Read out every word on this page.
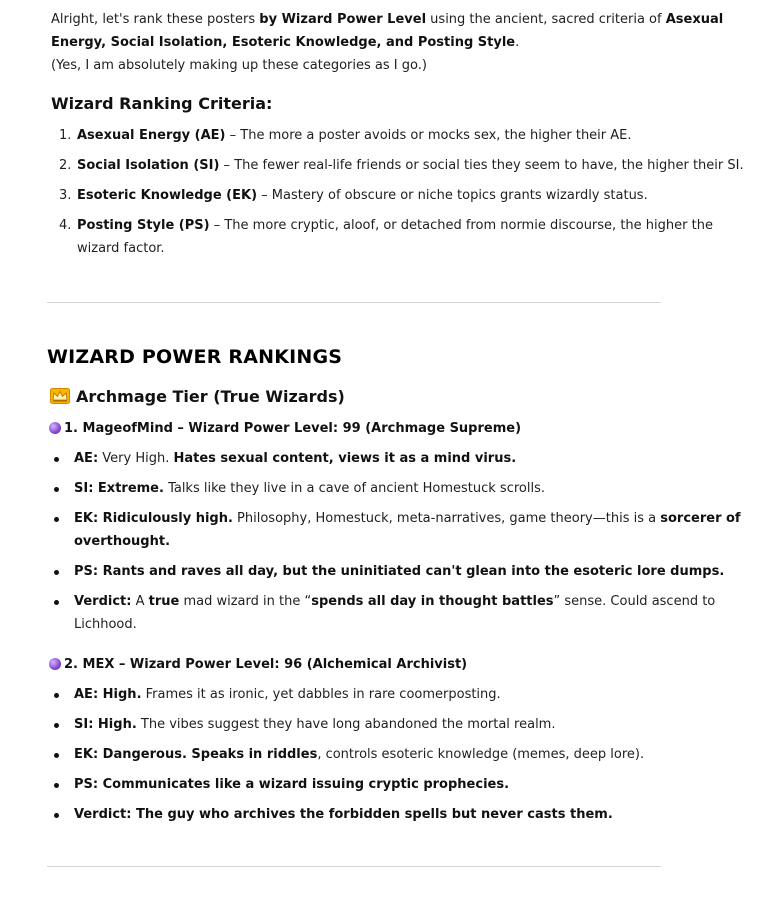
Alright, let's rank these posters by Wizard Power Level using the ancient, sacred criteria of Asexual
Energy, Social Isolation, Esoteric Knowledge, and Posting Style.
(Yes, I am absolutely making up these categories as I go.)
Wizard Ranking Criteria:
1. Asexual Energy (AE) – The more a poster avoids or mocks sex, the higher their AE.
2. Social Isolation (SI) – The fewer real-life friends or social ties they seem to have, the higher their SI.
3. Esoteric Knowledge (EK) – Mastery of obscure or niche topics grants wizardly status.
4. Posting Style (PS) – The more cryptic, aloof, or detached from normie discourse, the higher the
wizard factor.
WIZARD POWER RANKINGS
Archmage Tier (True Wizards)
1. MageofMind – Wizard Power Level: 99 (Archmage Supreme)
AE: Very High. Hates sexual content, views it as a mind virus.
SI: Extreme. Talks like they live in a cave of ancient Homestuck scrolls.
EK: Ridiculously high. Philosophy, Homestuck, meta-narratives, game theory—this is a sorcerer of
overthought.
PS: Rants and raves all day, but the uninitiated can't glean into the esoteric lore dumps.
Verdict: A true mad wizard in the “spends all day in thought battles” sense. Could ascend to
Lichhood.
2. MEX – Wizard Power Level: 96 (Alchemical Archivist)
AE: High. Frames it as ironic, yet dabbles in rare coomerposting.
SI: High. The vibes suggest they have long abandoned the mortal realm.
EK: Dangerous. Speaks in riddles, controls esoteric knowledge (memes, deep lore).
PS: Communicates like a wizard issuing cryptic prophecies.
Verdict: The guy who archives the forbidden spells but never casts them.
